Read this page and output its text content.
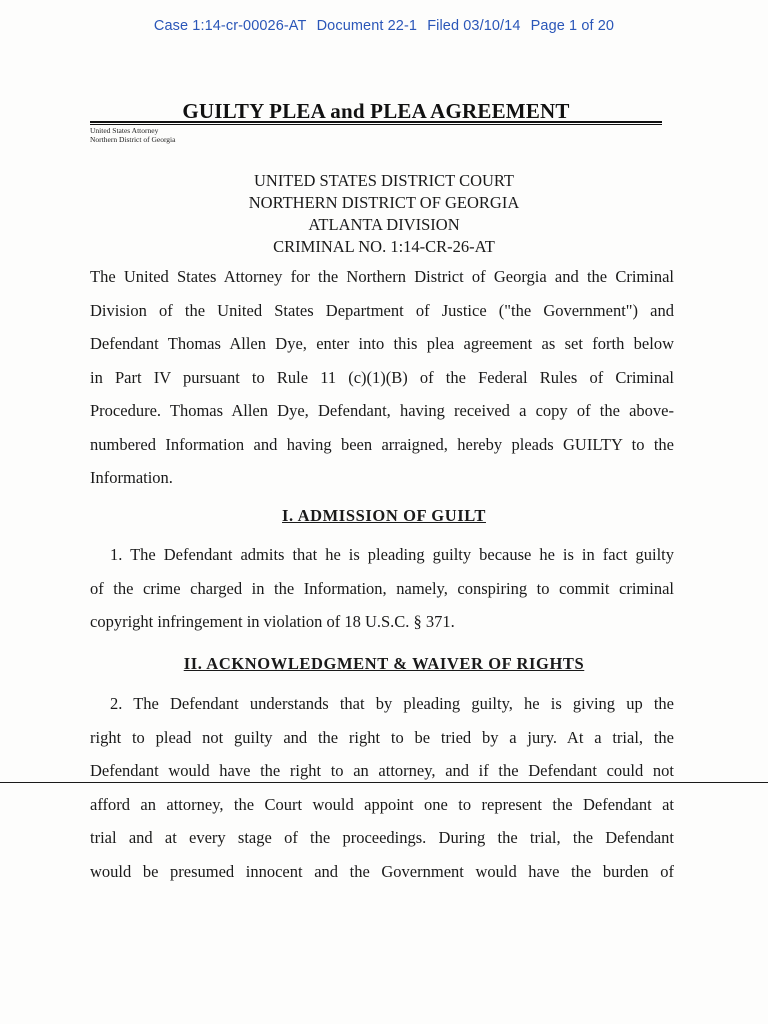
Case 1:14-cr-00026-AT Document 22-1 Filed 03/10/14 Page 1 of 20
GUILTY PLEA and PLEA AGREEMENT
United States Attorney
Northern District of Georgia
UNITED STATES DISTRICT COURT
NORTHERN DISTRICT OF GEORGIA
ATLANTA DIVISION
CRIMINAL NO. 1:14-CR-26-AT
The United States Attorney for the Northern District of Georgia and the Criminal
Division of the United States Department of Justice ("the Government") and
Defendant Thomas Allen Dye, enter into this plea agreement as set forth below
in Part IV pursuant to Rule 11 (c)(1)(B) of the Federal Rules of Criminal
Procedure. Thomas Allen Dye, Defendant, having received a copy of the above-
numbered Information and having been arraigned, hereby pleads GUILTY to the
Information.
I. ADMISSION OF GUILT
1. The Defendant admits that he is pleading guilty because he is in fact guilty
of the crime charged in the Information, namely, conspiring to commit criminal
copyright infringement in violation of 18 U.S.C. § 371.
II. ACKNOWLEDGMENT & WAIVER OF RIGHTS
2. The Defendant understands that by pleading guilty, he is giving up the
right to plead not guilty and the right to be tried by a jury. At a trial, the
Defendant would have the right to an attorney, and if the Defendant could not
afford an attorney, the Court would appoint one to represent the Defendant at
trial and at every stage of the proceedings. During the trial, the Defendant
would be presumed innocent and the Government would have the burden of
